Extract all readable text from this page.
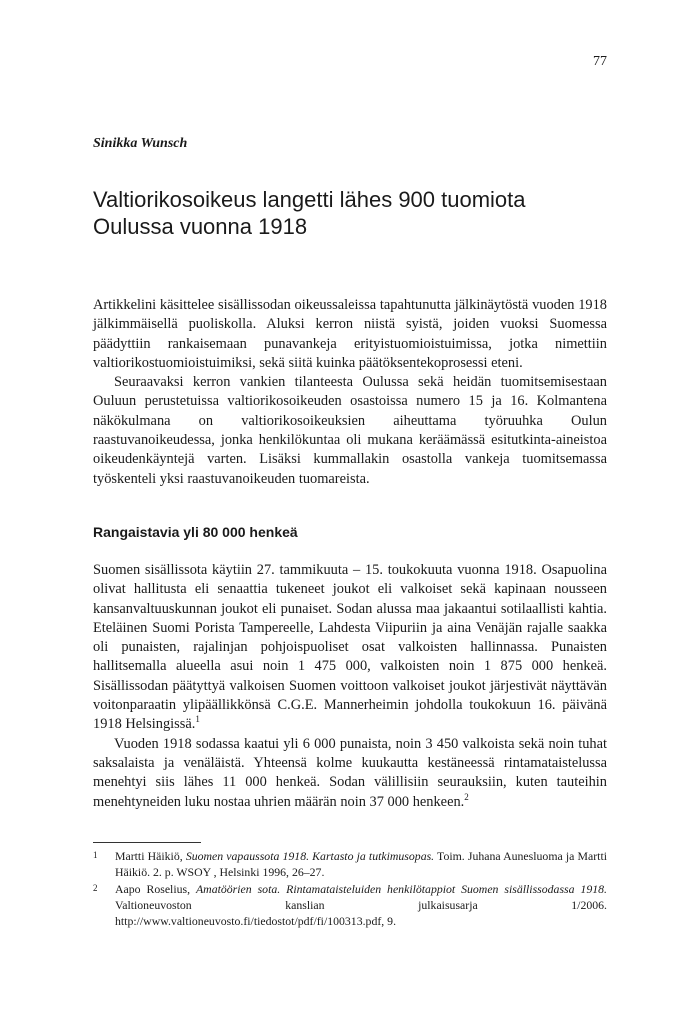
77
Sinikka Wunsch
Valtiorikosoikeus langetti lähes 900 tuomiota
Oulussa vuonna 1918

Artikkelini käsittelee sisällissodan oikeussaleissa tapahtunutta jälkinäytöstä vuoden 1918 jälkimmäisellä puoliskolla. Aluksi kerron niistä syistä, joiden vuoksi Suomessa päädyttiin rankaisemaan punavankeja erityistuomioistuimissa, jotka nimettiin valtiorikostuomioistuimiksi, sekä siitä kuinka päätöksentekoprosessi eteni.

Seuraavaksi kerron vankien tilanteesta Oulussa sekä heidän tuomitsemisestaan Ouluun perustetuissa valtiorikosoikeuden osastoissa numero 15 ja 16. Kolmantena näkökulmana on valtiorikosoikeuksien aiheuttama työruuhka Oulun raastuvanoikeudessa, jonka henkilökuntaa oli mukana keräämässä esitutkinta-aineistoa oikeudenkäyntejä varten. Lisäksi kummallakin osastolla vankeja tuomitsemassa työskenteli yksi raastuvanoikeuden tuomareista.

Rangaistavia yli 80 000 henkeä

Suomen sisällissota käytiin 27. tammikuuta – 15. toukokuuta vuonna 1918. Osapuolina olivat hallitusta eli senaattia tukeneet joukot eli valkoiset sekä kapinaan nousseen kansanvaltuuskunnan joukot eli punaiset. Sodan alussa maa jakaantui sotilaallisti kahtia. Eteläinen Suomi Porista Tampereelle, Lahdesta Viipuriin ja aina Venäjän rajalle saakka oli punaisten, rajalinjan pohjoispuoliset osat valkoisten hallinnassa. Punaisten hallitsemalla alueella asui noin 1 475 000, valkoisten noin 1 875 000 henkeä. Sisällissodan päätyttyä valkoisen Suomen voittoon valkoiset joukot järjestivät näyttävän voitonparaatin ylipäällikkönsä C.G.E. Mannerheimin johdolla toukokuun 16. päivänä 1918 Helsingissä.$^1$

Vuoden 1918 sodassa kaatui yli 6 000 punaista, noin 3 450 valkoista sekä noin tuhat saksalaista ja venäläistä. Yhteensä kolme kuukautta kestäneessä rintamataistelussa menehtyi siis lähes 11 000 henkeä. Sodan välillisiin seurauksiin, kuten tauteihin menehtyneiden luku nostaa uhrien määrän noin 37 000 henkeen.$^2$

1	Martti Häikiö, Suomen vapaussota 1918. Kartasto ja tutkimusopas. Toim. Juhana Aunesluoma ja Martti Häikiö. 2. p. WSOY , Helsinki 1996, 26–27.
2	Aapo Roselius, Amatöörien sota. Rintamataisteluiden henkilötappiot Suomen sisällissodassa 1918. Valtioneuvoston kanslian julkaisusarja 1/2006. http://www.valtioneuvosto.fi/tiedostot/pdf/fi/100313.pdf, 9.
